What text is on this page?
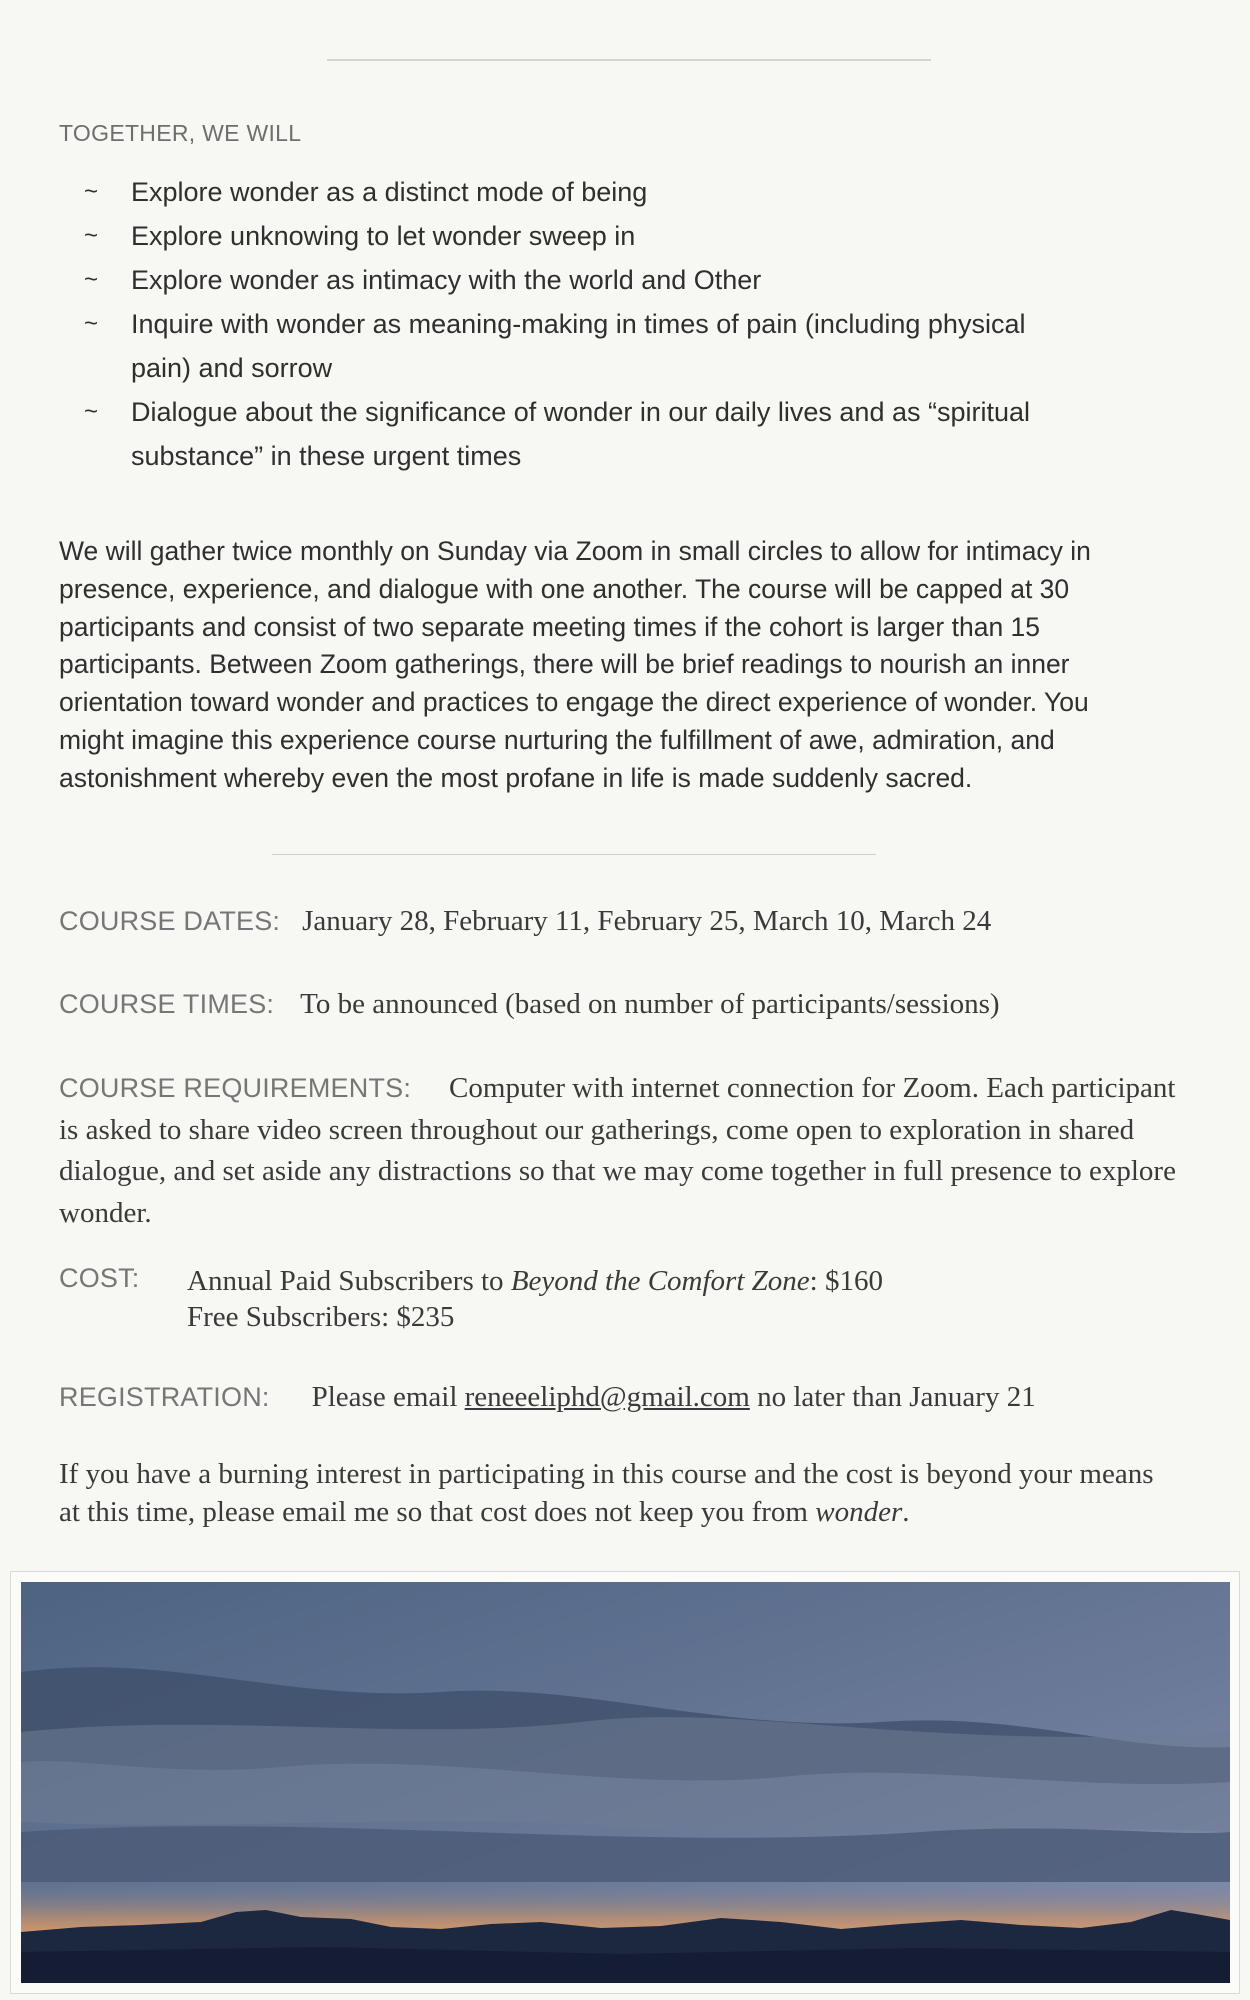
TOGETHER, WE WILL
~ Explore wonder as a distinct mode of being
~ Explore unknowing to let wonder sweep in
~ Explore wonder as intimacy with the world and Other
~ Inquire with wonder as meaning-making in times of pain (including physical pain) and sorrow
~ Dialogue about the significance of wonder in our daily lives and as “spiritual substance” in these urgent times
We will gather twice monthly on Sunday via Zoom in small circles to allow for intimacy in presence, experience, and dialogue with one another. The course will be capped at 30 participants and consist of two separate meeting times if the cohort is larger than 15 participants. Between Zoom gatherings, there will be brief readings to nourish an inner orientation toward wonder and practices to engage the direct experience of wonder. You might imagine this experience course nurturing the fulfillment of awe, admiration, and astonishment whereby even the most profane in life is made suddenly sacred.
COURSE DATES: January 28, February 11, February 25, March 10, March 24
COURSE TIMES: To be announced (based on number of participants/sessions)
COURSE REQUIREMENTS: Computer with internet connection for Zoom. Each participant is asked to share video screen throughout our gatherings, come open to exploration in shared dialogue, and set aside any distractions so that we may come together in full presence to explore wonder.
COST: Annual Paid Subscribers to Beyond the Comfort Zone: $160
Free Subscribers: $235
REGISTRATION: Please email reneeeliphd@gmail.com no later than January 21
If you have a burning interest in participating in this course and the cost is beyond your means at this time, please email me so that cost does not keep you from wonder.
